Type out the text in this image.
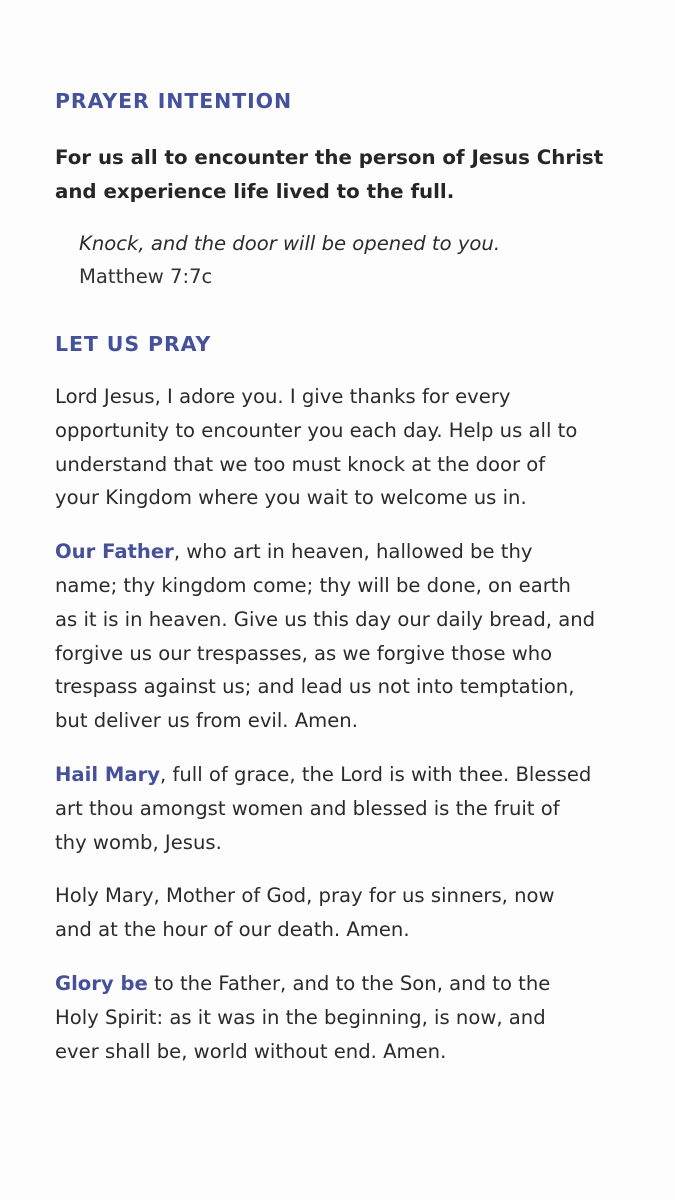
PRAYER INTENTION
For us all to encounter the person of Jesus Christ
and experience life lived to the full.
Knock, and the door will be opened to you.
Matthew 7:7c
LET US PRAY

Lord Jesus, I adore you. I give thanks for every
opportunity to encounter you each day. Help us all to
understand that we too must knock at the door of
your Kingdom where you wait to welcome us in.

Our Father, who art in heaven, hallowed be thy
name; thy kingdom come; thy will be done, on earth
as it is in heaven. Give us this day our daily bread, and
forgive us our trespasses, as we forgive those who
trespass against us; and lead us not into temptation,
but deliver us from evil. Amen.

Hail Mary, full of grace, the Lord is with thee. Blessed
art thou amongst women and blessed is the fruit of
thy womb, Jesus.

Holy Mary, Mother of God, pray for us sinners, now
and at the hour of our death. Amen.

Glory be to the Father, and to the Son, and to the
Holy Spirit: as it was in the beginning, is now, and
ever shall be, world without end. Amen.
